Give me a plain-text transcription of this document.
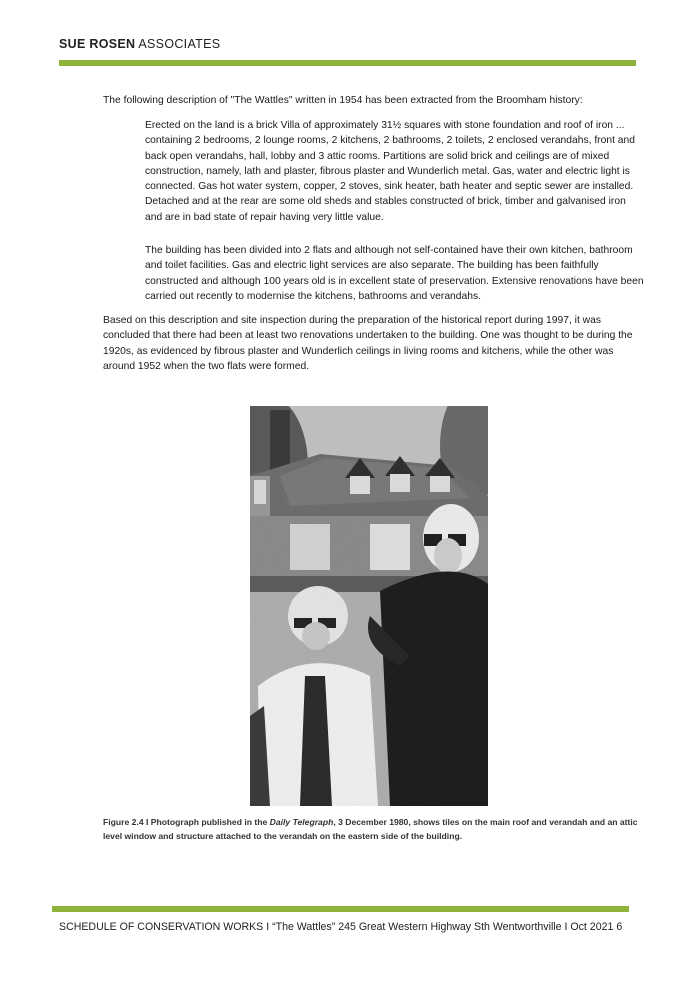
SUE ROSEN ASSOCIATES
The following description of "The Wattles" written in 1954 has been extracted from the Broomham history:

Erected on the land is a brick Villa of approximately 31½ squares with stone foundation and roof of iron ... containing 2 bedrooms, 2 lounge rooms, 2 kitchens, 2 bathrooms, 2 toilets, 2 enclosed verandahs, front and back open verandahs, hall, lobby and 3 attic rooms. Partitions are solid brick and ceilings are of mixed construction, namely, lath and plaster, fibrous plaster and Wunderlich metal. Gas, water and electric light is connected. Gas hot water system, copper, 2 stoves, sink heater, bath heater and septic sewer are installed. Detached and at the rear are some old sheds and stables constructed of brick, timber and galvanised iron and are in bad state of repair having very little value.

The building has been divided into 2 flats and although not self-contained have their own kitchen, bathroom and toilet facilities. Gas and electric light services are also separate. The building has been faithfully constructed and although 100 years old is in excellent state of preservation. Extensive renovations have been carried out recently to modernise the kitchens, bathrooms and verandahs.

Based on this description and site inspection during the preparation of the historical report during 1997, it was concluded that there had been at least two renovations undertaken to the building. One was thought to be during the 1920s, as evidenced by fibrous plaster and Wunderlich ceilings in living rooms and kitchens, while the other was around 1952 when the two flats were formed.

Figure 2.4 I Photograph published in the Daily Telegraph, 3 December 1980, shows tiles on the main roof and verandah and an attic level window and structure attached to the verandah on the eastern side of the building.
SCHEDULE OF CONSERVATION WORKS I “The Wattles” 245 Great Western Highway Sth Wentworthville I Oct 2021 6
